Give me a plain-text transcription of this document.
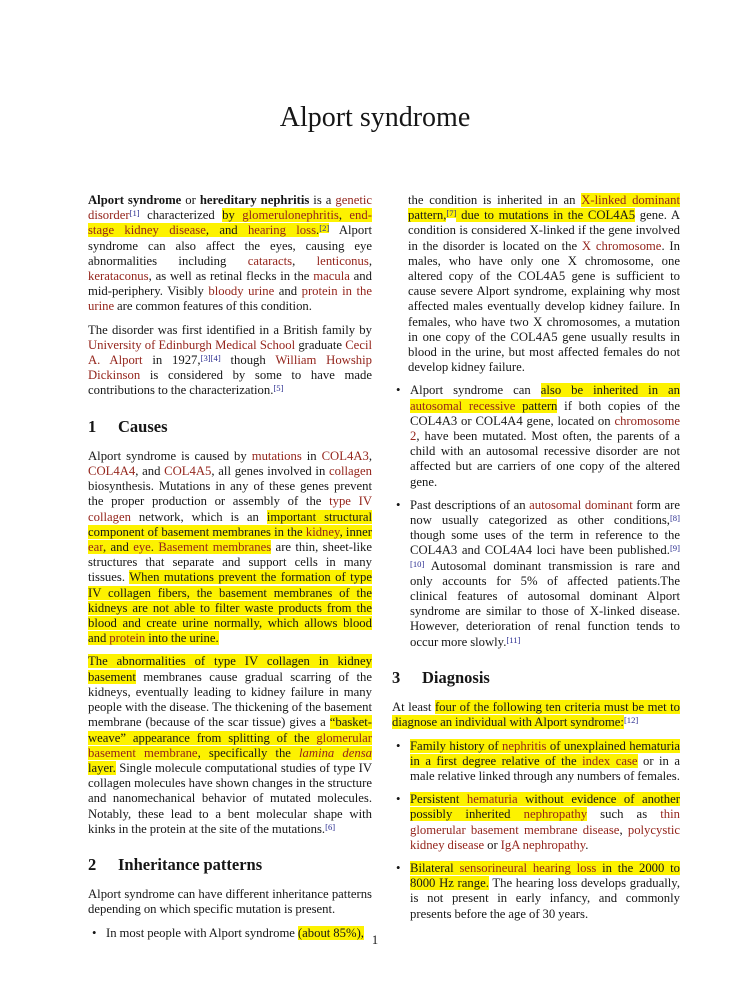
Alport syndrome

Alport syndrome or hereditary nephritis is a genetic disorder[1] characterized by glomerulonephritis, end-stage kidney disease, and hearing loss.[2] Alport syndrome can also affect the eyes, causing eye abnormalities including cataracts, lenticonus, kerataconus, as well as retinal flecks in the macula and mid-periphery. Visibly bloody urine and protein in the urine are common features of this condition.

The disorder was first identified in a British family by University of Edinburgh Medical School graduate Cecil A. Alport in 1927,[3][4] though William Howship Dickinson is considered by some to have made contributions to the characterization.[5]

1 Causes

Alport syndrome is caused by mutations in COL4A3, COL4A4, and COL4A5, all genes involved in collagen biosynthesis. Mutations in any of these genes prevent the proper production or assembly of the type IV collagen network, which is an important structural component of basement membranes in the kidney, inner ear, and eye. Basement membranes are thin, sheet-like structures that separate and support cells in many tissues. When mutations prevent the formation of type IV collagen fibers, the basement membranes of the kidneys are not able to filter waste products from the blood and create urine normally, which allows blood and protein into the urine.

The abnormalities of type IV collagen in kidney basement membranes cause gradual scarring of the kidneys, eventually leading to kidney failure in many people with the disease. The thickening of the basement membrane (because of the scar tissue) gives a “basket-weave” appearance from splitting of the glomerular basement membrane, specifically the lamina densa layer. Single molecule computational studies of type IV collagen molecules have shown changes in the structure and nanomechanical behavior of mutated molecules. Notably, these lead to a bent molecular shape with kinks in the protein at the site of the mutations.[6]

2 Inheritance patterns

Alport syndrome can have different inheritance patterns depending on which specific mutation is present.

• In most people with Alport syndrome (about 85%),

the condition is inherited in an X-linked dominant pattern,[7] due to mutations in the COL4A5 gene. A condition is considered X-linked if the gene involved in the disorder is located on the X chromosome. In males, who have only one X chromosome, one altered copy of the COL4A5 gene is sufficient to cause severe Alport syndrome, explaining why most affected males eventually develop kidney failure. In females, who have two X chromosomes, a mutation in one copy of the COL4A5 gene usually results in blood in the urine, but most affected females do not develop kidney failure.

• Alport syndrome can also be inherited in an autosomal recessive pattern if both copies of the COL4A3 or COL4A4 gene, located on chromosome 2, have been mutated. Most often, the parents of a child with an autosomal recessive disorder are not affected but are carriers of one copy of the altered gene.
• Past descriptions of an autosomal dominant form are now usually categorized as other conditions,[8] though some uses of the term in reference to the COL4A3 and COL4A4 loci have been published.[9][10] Autosomal dominant transmission is rare and only accounts for 5% of affected patients.The clinical features of autosomal dominant Alport syndrome are similar to those of X-linked disease. However, deterioration of renal function tends to occur more slowly.[11]
3 Diagnosis

At least four of the following ten criteria must be met to diagnose an individual with Alport syndrome:[12]

• Family history of nephritis of unexplained hematuria in a first degree relative of the index case or in a male relative linked through any numbers of females.
• Persistent hematuria without evidence of another possibly inherited nephropathy such as thin glomerular basement membrane disease, polycystic kidney disease or IgA nephropathy.
• Bilateral sensorineural hearing loss in the 2000 to 8000 Hz range. The hearing loss develops gradually, is not present in early infancy, and commonly presents before the age of 30 years.
1
